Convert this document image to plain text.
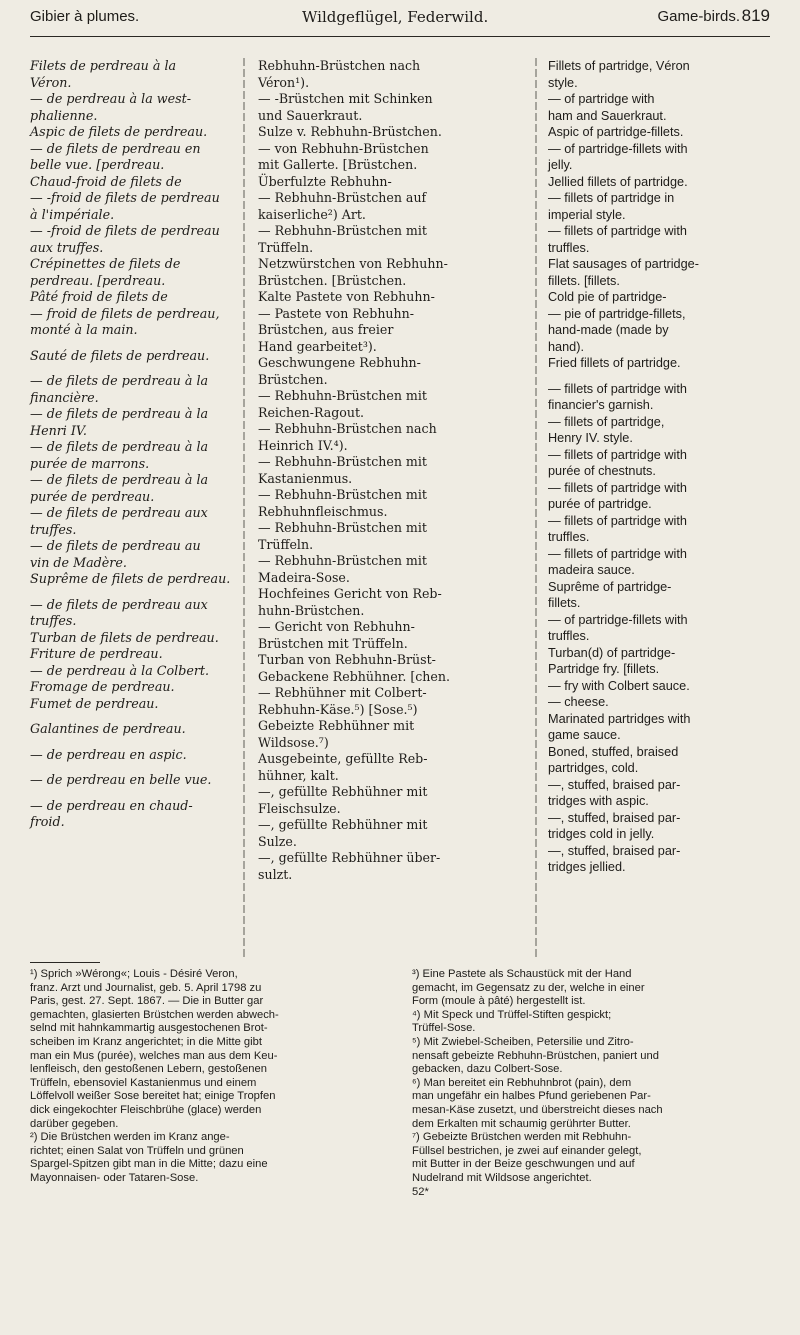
Gibier à plumes.	Wildgeflügel, Federwild.	Game-birds. 819
Filets de perdreau à la
Véron.
— de perdreau à la west-
phalienne.
Aspic de filets de perdreau.
— de filets de perdreau en
belle vue. [perdreau.
Chaud-froid de filets de
— -froid de filets de perdreau
à l'impériale.
— -froid de filets de perdreau
aux truffes.
Crépinettes de filets de
perdreau. [perdreau.
Pâté froid de filets de
— froid de filets de perdreau,
monté à la main.
Sauté de filets de perdreau.
— de filets de perdreau à la
financière.
— de filets de perdreau à la
Henri IV.
— de filets de perdreau à la
purée de marrons.
— de filets de perdreau à la
purée de perdreau.
— de filets de perdreau aux
truffes.
— de filets de perdreau au
vin de Madère.
Suprême de filets de perdreau.
— de filets de perdreau aux
truffes.
Turban de filets de perdreau.
Friture de perdreau.
— de perdreau à la Colbert.
Fromage de perdreau.
Fumet de perdreau.
Galantines de perdreau.
— de perdreau en aspic.
— de perdreau en belle vue.
— de perdreau en chaud-
froid.
Rebhuhn-Brüstchen nach
Véron¹).
— -Brüstchen mit Schinken
und Sauerkraut.
Sulze v. Rebhuhn-Brüstchen.
— von Rebhuhn-Brüstchen
mit Gallerte. [Brüstchen.
Überfulzte Rebhuhn-
— Rebhuhn-Brüstchen auf
kaiserliche²) Art.
— Rebhuhn-Brüstchen mit
Trüffeln.
Netzwürstchen von Rebhuhn-
Brüstchen. [Brüstchen.
Kalte Pastete von Rebhuhn-
— Pastete von Rebhuhn-
Brüstchen, aus freier
Hand gearbeitet³).
Geschwungene Rebhuhn-
Brüstchen.
— Rebhuhn-Brüstchen mit
Reichen-Ragout.
— Rebhuhn-Brüstchen nach
Heinrich IV.⁴).
— Rebhuhn-Brüstchen mit
Kastanienmus.
— Rebhuhn-Brüstchen mit
Rebhuhnfleischmus.
— Rebhuhn-Brüstchen mit
Trüffeln.
— Rebhuhn-Brüstchen mit
Madeira-Sose.
Hochfeines Gericht von Reb-
huhn-Brüstchen.
— Gericht von Rebhuhn-
Brüstchen mit Trüffeln.
Turban von Rebhuhn-Brüst-
Gebackene Rebhühner. [chen.
— Rebhühner mit Colbert-
Rebhuhn-Käse.⁵) [Sose.⁵)
Gebeizte Rebhühner mit
Wildsose.⁷)
Ausgebeinte, gefüllte Reb-
hühner, kalt.
—, gefüllte Rebhühner mit
Fleischsulze.
—, gefüllte Rebhühner mit
Sulze.
—, gefüllte Rebhühner über-
sulzt.
Fillets of partridge, Véron
style.
— of partridge with
ham and Sauerkraut.
Aspic of partridge-fillets.
— of partridge-fillets with
jelly.
Jellied fillets of partridge.
— fillets of partridge in
imperial style.
— fillets of partridge with
truffles.
Flat sausages of partridge-
fillets. [fillets.
Cold pie of partridge-
— pie of partridge-fillets,
hand-made (made by
hand).
Fried fillets of partridge.
— fillets of partridge with
financier's garnish.
— fillets of partridge,
Henry IV. style.
— fillets of partridge with
purée of chestnuts.
— fillets of partridge with
purée of partridge.
— fillets of partridge with
truffles.
— fillets of partridge with
madeira sauce.
Suprême of partridge-
fillets.
— of partridge-fillets with
truffles.
Turban(d) of partridge-
Partridge fry. [fillets.
— fry with Colbert sauce.
— cheese.
Marinated partridges with
game sauce.
Boned, stuffed, braised
partridges, cold.
—, stuffed, braised par-
tridges with aspic.
—, stuffed, braised par-
tridges cold in jelly.
—, stuffed, braised par-
tridges jellied.
¹) Sprich »Wérong«; Louis - Désiré Veron,
franz. Arzt und Journalist, geb. 5. April 1798 zu
Paris, gest. 27. Sept. 1867. — Die in Butter gar
gemachten, glasierten Brüstchen werden abwech-
selnd mit hahnkammartig ausgestochenen Brot-
scheiben im Kranz angerichtet; in die Mitte gibt
man ein Mus (purée), welches man aus dem Keu-
lenfleisch, den gestoßenen Lebern, gestoßenen
Trüffeln, ebensoviel Kastanienmus und einem
Löffelvoll weißer Sose bereitet hat; einige Tropfen
dick eingekochter Fleischbrühe (glace) werden
darüber gegeben.
²) Die Brüstchen werden im Kranz ange-
richtet; einen Salat von Trüffeln und grünen
Spargel-Spitzen gibt man in die Mitte; dazu eine
Mayonnaisen- oder Tataren-Sose.
³) Eine Pastete als Schaustück mit der Hand
gemacht, im Gegensatz zu der, welche in einer
Form (moule à pâté) hergestellt ist.
⁴) Mit Speck und Trüffel-Stiften gespickt;
Trüffel-Sose.
⁵) Mit Zwiebel-Scheiben, Petersilie und Zitro-
nensaft gebeizte Rebhuhn-Brüstchen, paniert und
gebacken, dazu Colbert-Sose.
⁶) Man bereitet ein Rebhuhnbrot (pain), dem
man ungefähr ein halbes Pfund geriebenen Par-
mesan-Käse zusetzt, und überstreicht dieses nach
dem Erkalten mit schaumig gerührter Butter.
⁷) Gebeizte Brüstchen werden mit Rebhuhn-
Füllsel bestrichen, je zwei auf einander gelegt,
mit Butter in der Beize geschwungen und auf
Nudelrand mit Wildsose angerichtet.
52*
